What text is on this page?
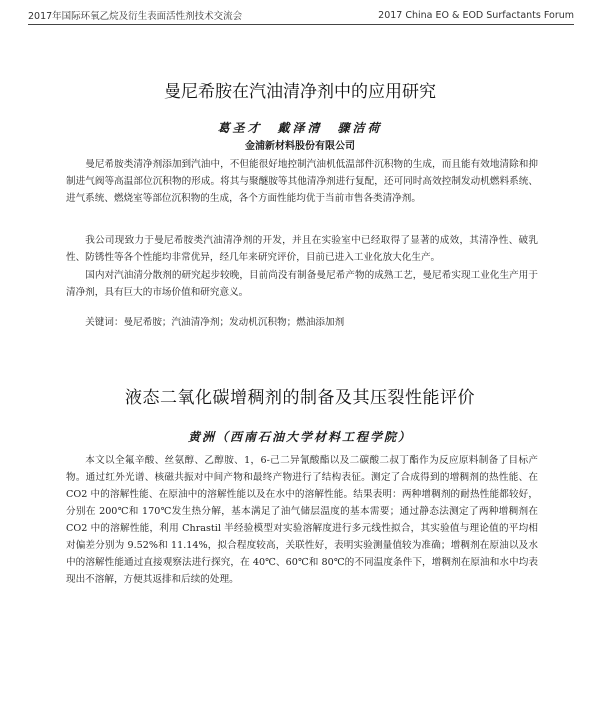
2017年国际环氧乙烷及衍生表面活性剂技术交流会	2017 China EO & EOD Surfactants Forum
曼尼希胺在汽油清净剂中的应用研究
葛圣才　戴泽清　骤洁荷
金浦新材料股份有限公司

曼尼希胺类清净剂添加到汽油中，不但能很好地控制汽油机低温部件沉积物的生成，而且能有效地清除和抑制进气阀等高温部位沉积物的形成。将其与聚醚胺等其他清净剂进行复配，还可同时高效控制发动机燃料系统、进气系统、燃烧室等部位沉积物的生成，各个方面性能均优于当前市售各类清净剂。

我公司现致力于曼尼希胺类汽油清净剂的开发，并且在实验室中已经取得了显著的成效，其清净性、破乳性、防锈性等各个性能均非常优异，经几年来研究评价，目前已进入工业化放大化生产。

国内对汽油清分散剂的研究起步较晚，目前尚没有制备曼尼希产物的成熟工艺，曼尼希实现工业化生产用于清净剂，具有巨大的市场价值和研究意义。

关键词：曼尼希胺；汽油清净剂；发动机沉积物；燃油添加剂

液态二氧化碳增稠剂的制备及其压裂性能评价
黄洲（西南石油大学材料工程学院）

本文以全氟辛酸、丝氨醇、乙醇胺、1，6-己二异氰酸酯以及二碳酸二叔丁酯作为反应原料制备了目标产物。通过红外光谱、核磁共振对中间产物和最终产物进行了结构表征。测定了合成得到的增稠剂的热性能、在 CO2 中的溶解性能、在原油中的溶解性能以及在水中的溶解性能。结果表明：两种增稠剂的耐热性能都较好，分别在 200℃和 170℃发生热分解，基本满足了油气储层温度的基本需要；通过静态法测定了两种增稠剂在 CO2 中的溶解性能，利用 Chrastil 半经验模型对实验溶解度进行多元线性拟合，其实验值与理论值的平均相对偏差分别为 9.52%和 11.14%，拟合程度较高，关联性好，表明实验测量值较为准确；增稠剂在原油以及水中的溶解性能通过直接观察法进行探究，在 40℃、60℃和 80℃的不同温度条件下，增稠剂在原油和水中均表现出不溶解，方便其返排和后续的处理。
